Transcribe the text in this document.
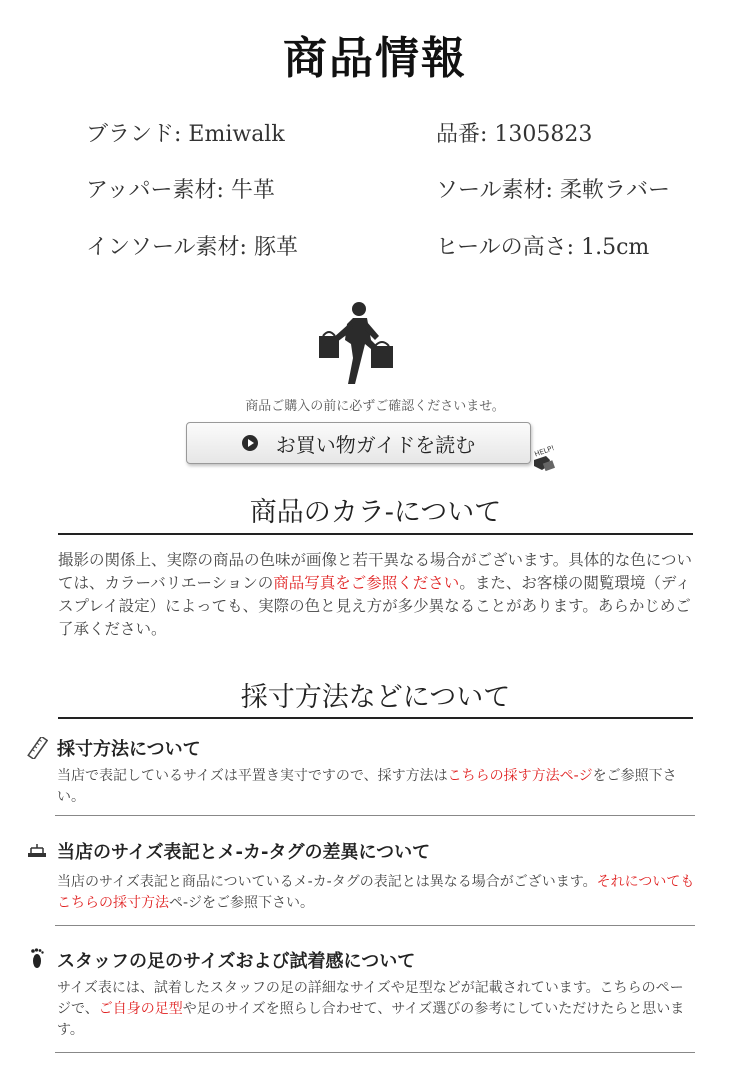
商品情報
ブランド: Emiwalk	品番: 1305823
アッパー素材: 牛革	ソール素材: 柔軟ラバー
インソール素材: 豚革	ヒールの高さ: 1.5cm
商品ご購入の前に必ずご確認くださいませ。
お買い物ガイドを読む	HELP!
商品のカラ-について
撮影の関係上、実際の商品の色味が画像と若干異なる場合がございます。具体的な色については、カラーバリエーションの商品写真をご参照ください。また、お客様の閲覧環境（ディスプレイ設定）によっても、実際の色と見え方が多少異なることがあります。あらかじめご了承ください。
採寸方法などについて
採寸方法について
当店で表記しているサイズは平置き実寸ですので、採す方法はこちらの採す方法ペ-ジをご参照下さい。
当店のサイズ表記とメ-カ-タグの差異について
当店のサイズ表記と商品についているメ-カ-タグの表記とは異なる場合がございます。それについてもこちらの採寸方法ペ-ジをご参照下さい。
スタッフの足のサイズおよび試着感について
サイズ表には、試着したスタッフの足の詳細なサイズや足型などが記載されています。こちらのページで、ご自身の足型や足のサイズを照らし合わせて、サイズ選びの参考にしていただけたらと思います。
